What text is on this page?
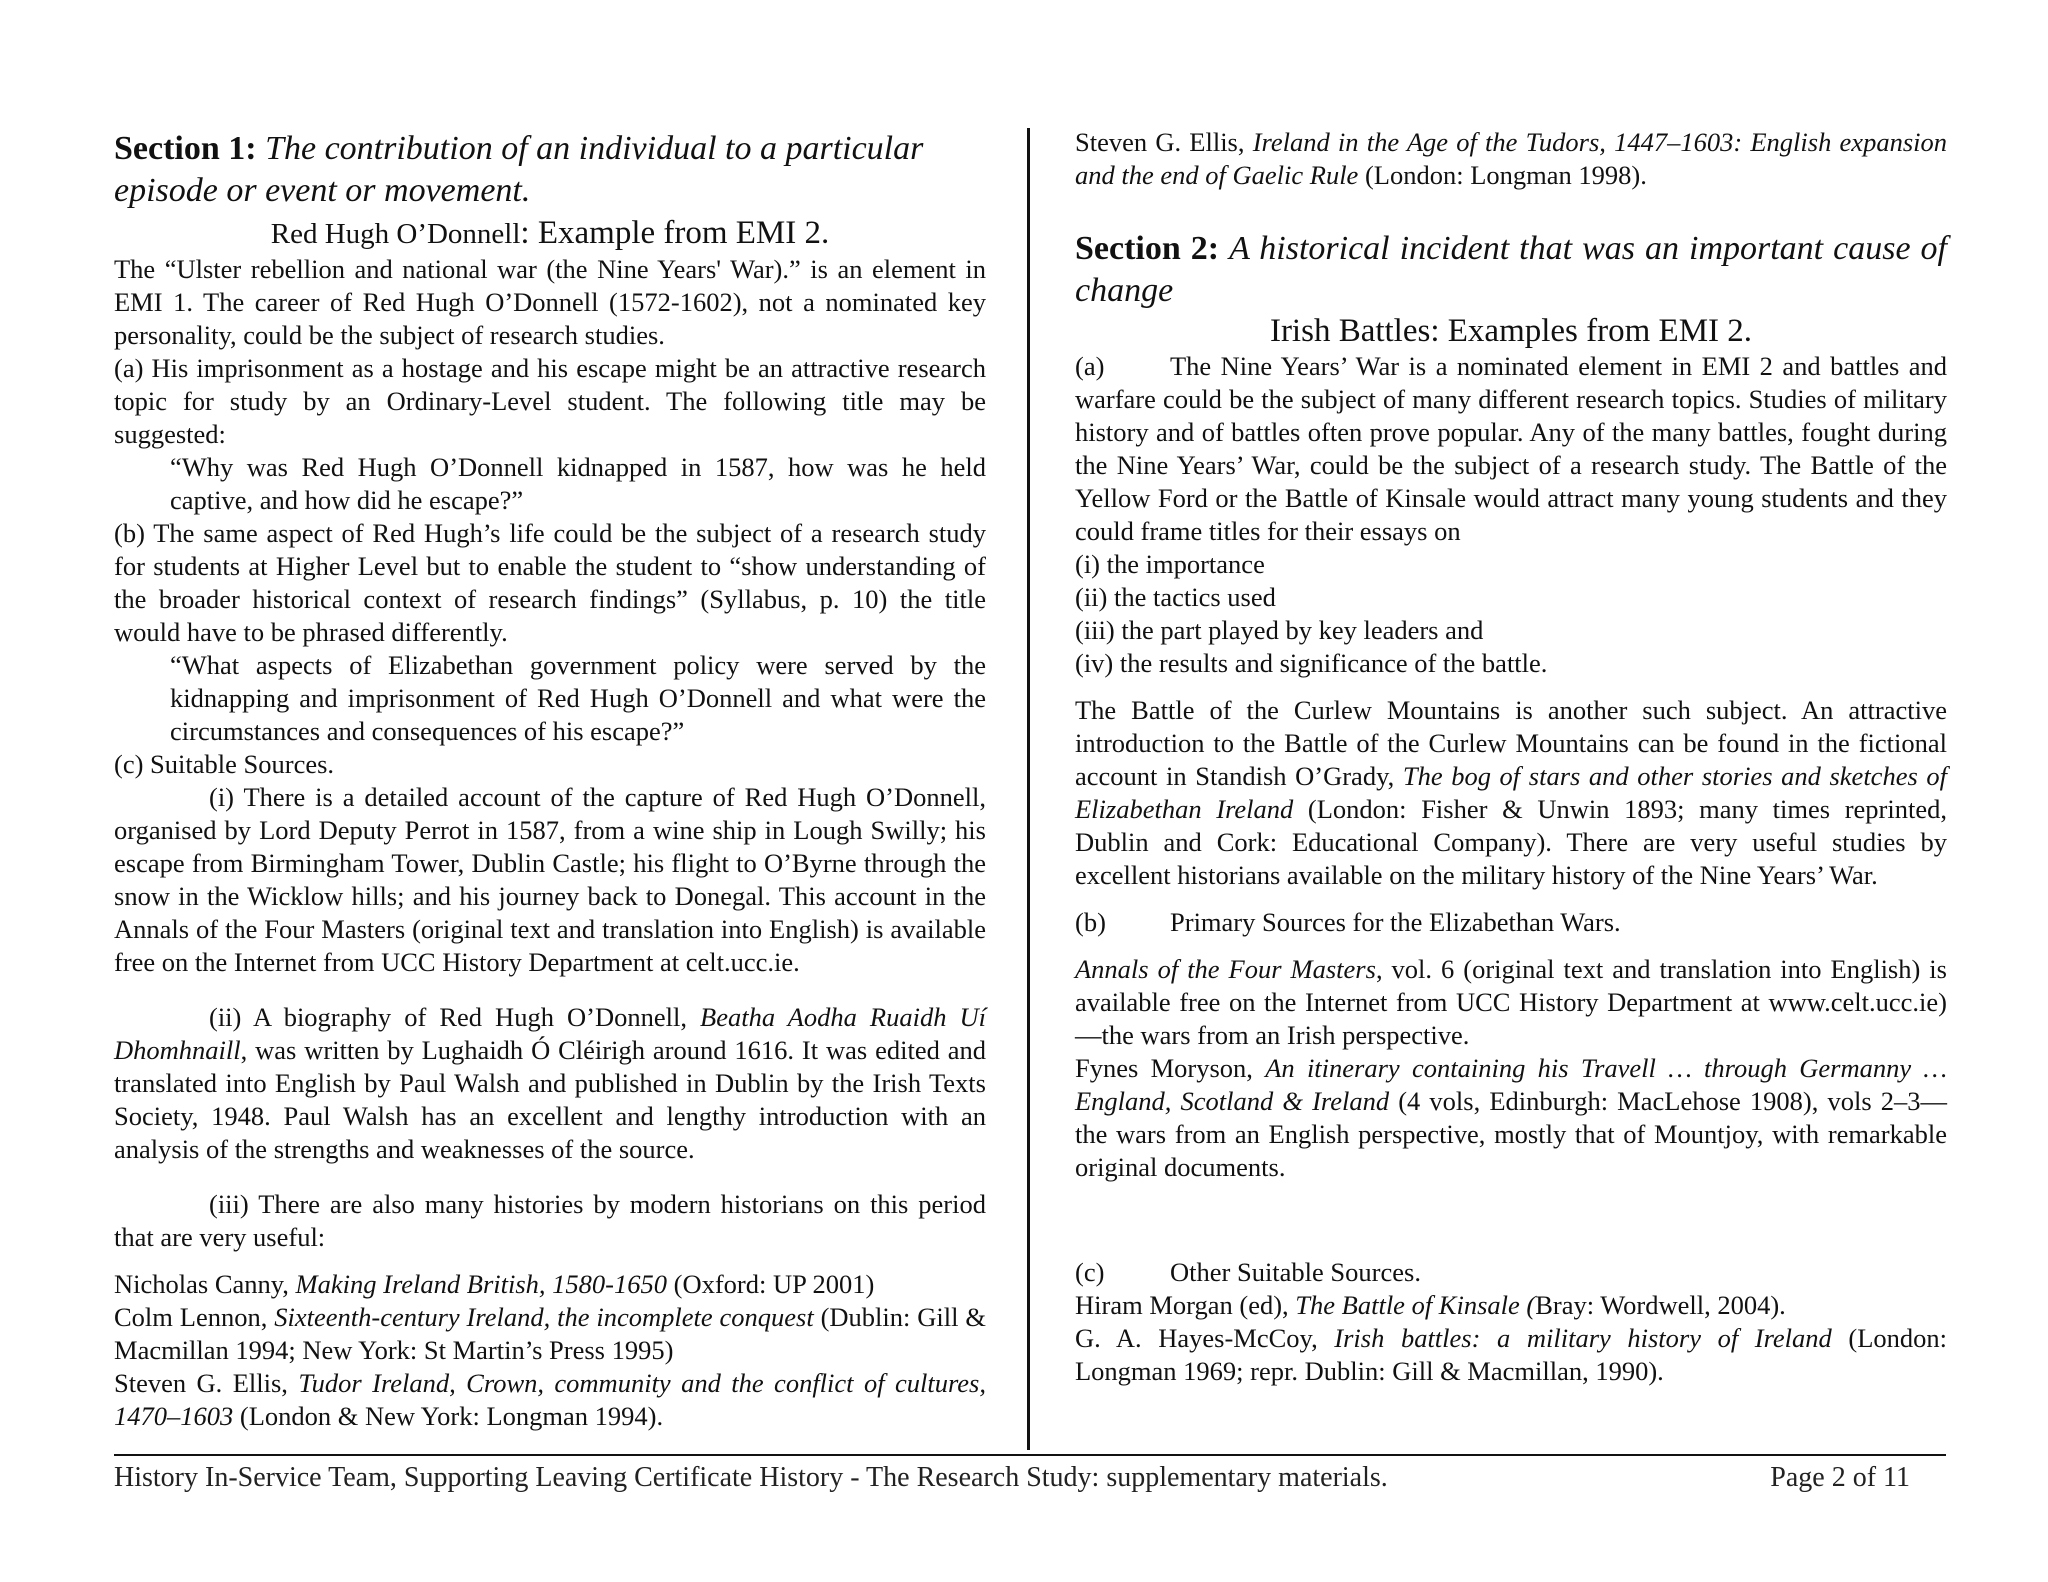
Section 1: The contribution of an individual to a particular episode or event or movement.

Red Hugh O’Donnell: Example from EMI 2.

The “Ulster rebellion and national war (the Nine Years' War).” is an element in EMI 1. The career of Red Hugh O’Donnell (1572-1602), not a nominated key personality, could be the subject of research studies.

(a) His imprisonment as a hostage and his escape might be an attractive research topic for study by an Ordinary-Level student. The following title may be suggested:

“Why was Red Hugh O’Donnell kidnapped in 1587, how was he held captive, and how did he escape?”

(b) The same aspect of Red Hugh’s life could be the subject of a research study for students at Higher Level but to enable the student to “show understanding of the broader historical context of research findings” (Syllabus, p. 10) the title would have to be phrased differently.

“What aspects of Elizabethan government policy were served by the kidnapping and imprisonment of Red Hugh O’Donnell and what were the circumstances and consequences of his escape?”

(c) Suitable Sources.

(i) There is a detailed account of the capture of Red Hugh O’Donnell, organised by Lord Deputy Perrot in 1587, from a wine ship in Lough Swilly; his escape from Birmingham Tower, Dublin Castle; his flight to O’Byrne through the snow in the Wicklow hills; and his journey back to Donegal. This account in the Annals of the Four Masters (original text and translation into English) is available free on the Internet from UCC History Department at celt.ucc.ie.

(ii) A biography of Red Hugh O’Donnell, Beatha Aodha Ruaidh Uí Dhomhnaill, was written by Lughaidh Ó Cléirigh around 1616. It was edited and translated into English by Paul Walsh and published in Dublin by the Irish Texts Society, 1948. Paul Walsh has an excellent and lengthy introduction with an analysis of the strengths and weaknesses of the source.

(iii) There are also many histories by modern historians on this period that are very useful:

Nicholas Canny, Making Ireland British, 1580-1650 (Oxford: UP 2001)

Colm Lennon, Sixteenth-century Ireland, the incomplete conquest (Dublin: Gill & Macmillan 1994; New York: St Martin’s Press 1995)

Steven G. Ellis, Tudor Ireland, Crown, community and the conflict of cultures, 1470–1603 (London & New York: Longman 1994).

Steven G. Ellis, Ireland in the Age of the Tudors, 1447–1603: English expansion and the end of Gaelic Rule (London: Longman 1998).

Section 2: A historical incident that was an important cause of change

Irish Battles: Examples from EMI 2.

(a) The Nine Years’ War is a nominated element in EMI 2 and battles and warfare could be the subject of many different research topics. Studies of military history and of battles often prove popular. Any of the many battles, fought during the Nine Years’ War, could be the subject of a research study. The Battle of the Yellow Ford or the Battle of Kinsale would attract many young students and they could frame titles for their essays on

(i) the importance

(ii) the tactics used

(iii) the part played by key leaders and

(iv) the results and significance of the battle.

The Battle of the Curlew Mountains is another such subject. An attractive introduction to the Battle of the Curlew Mountains can be found in the fictional account in Standish O’Grady, The bog of stars and other stories and sketches of Elizabethan Ireland (London: Fisher & Unwin 1893; many times reprinted, Dublin and Cork: Educational Company). There are very useful studies by excellent historians available on the military history of the Nine Years’ War.

(b) Primary Sources for the Elizabethan Wars.

Annals of the Four Masters, vol. 6 (original text and translation into English) is available free on the Internet from UCC History Department at www.celt.ucc.ie)—the wars from an Irish perspective.

Fynes Moryson, An itinerary containing his Travell … through Germanny … England, Scotland & Ireland (4 vols, Edinburgh: MacLehose 1908), vols 2–3—the wars from an English perspective, mostly that of Mountjoy, with remarkable original documents.

(c) Other Suitable Sources.

Hiram Morgan (ed), The Battle of Kinsale (Bray: Wordwell, 2004).

G. A. Hayes-McCoy, Irish battles: a military history of Ireland (London: Longman 1969; repr. Dublin: Gill & Macmillan, 1990).

History In-Service Team, Supporting Leaving Certificate History - The Research Study: supplementary materials.	Page 2 of 11
